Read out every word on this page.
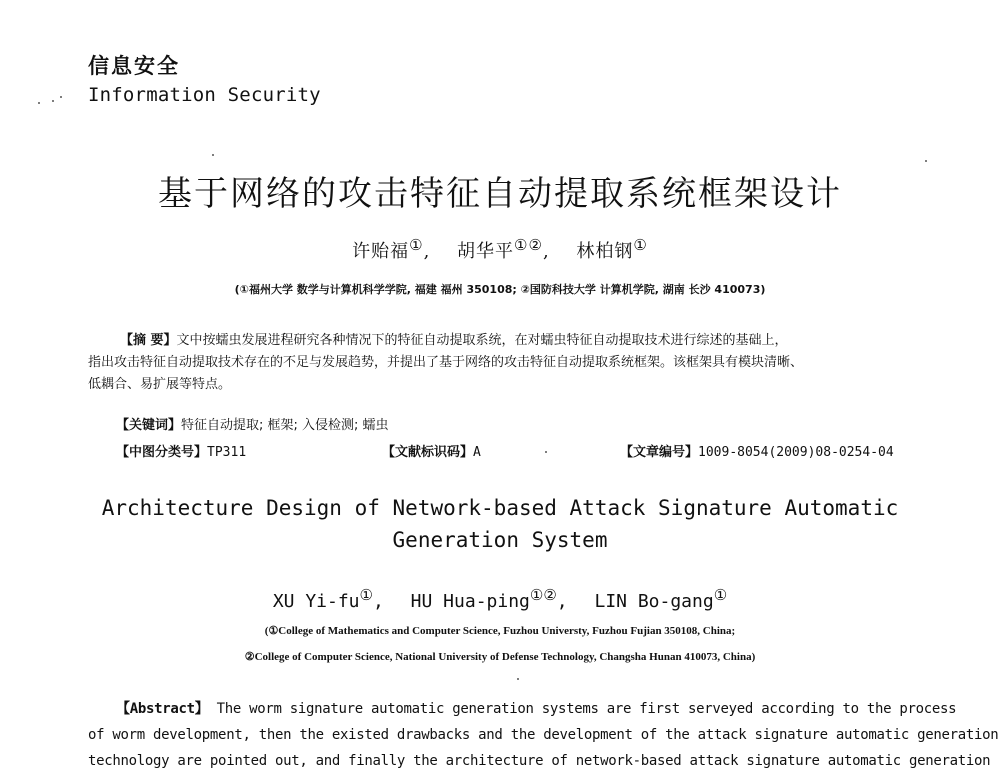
信息安全
Information Security
基于网络的攻击特征自动提取系统框架设计
许贻福①, 胡华平①②, 林柏钢①
(①福州大学 数学与计算机科学学院, 福建 福州 350108; ②国防科技大学 计算机学院, 湖南 长沙 410073)
【摘 要】文中按蠕虫发展进程研究各种情况下的特征自动提取系统，在对蠕虫特征自动提取技术进行综述的基础上，
指出攻击特征自动提取技术存在的不足与发展趋势，并提出了基于网络的攻击特征自动提取系统框架。该框架具有模块清晰、
低耦合、易扩展等特点。
【关键词】特征自动提取; 框架; 入侵检测; 蠕虫
【中图分类号】TP311	【文献标识码】A	【文章编号】1009-8054(2009)08-0254-04
Architecture Design of Network-based Attack Signature Automatic
Generation System
XU Yi-fu①, HU Hua-ping①②, LIN Bo-gang①
(①College of Mathematics and Computer Science, Fuzhou Universty, Fuzhou Fujian 350108, China;
②College of Computer Science, National University of Defense Technology, Changsha Hunan 410073, China)
【Abstract】 The worm signature automatic generation systems are first serveyed according to the process
of worm development, then the existed drawbacks and the development of the attack signature automatic generation
technology are pointed out, and finally the architecture of network-based attack signature automatic generation
